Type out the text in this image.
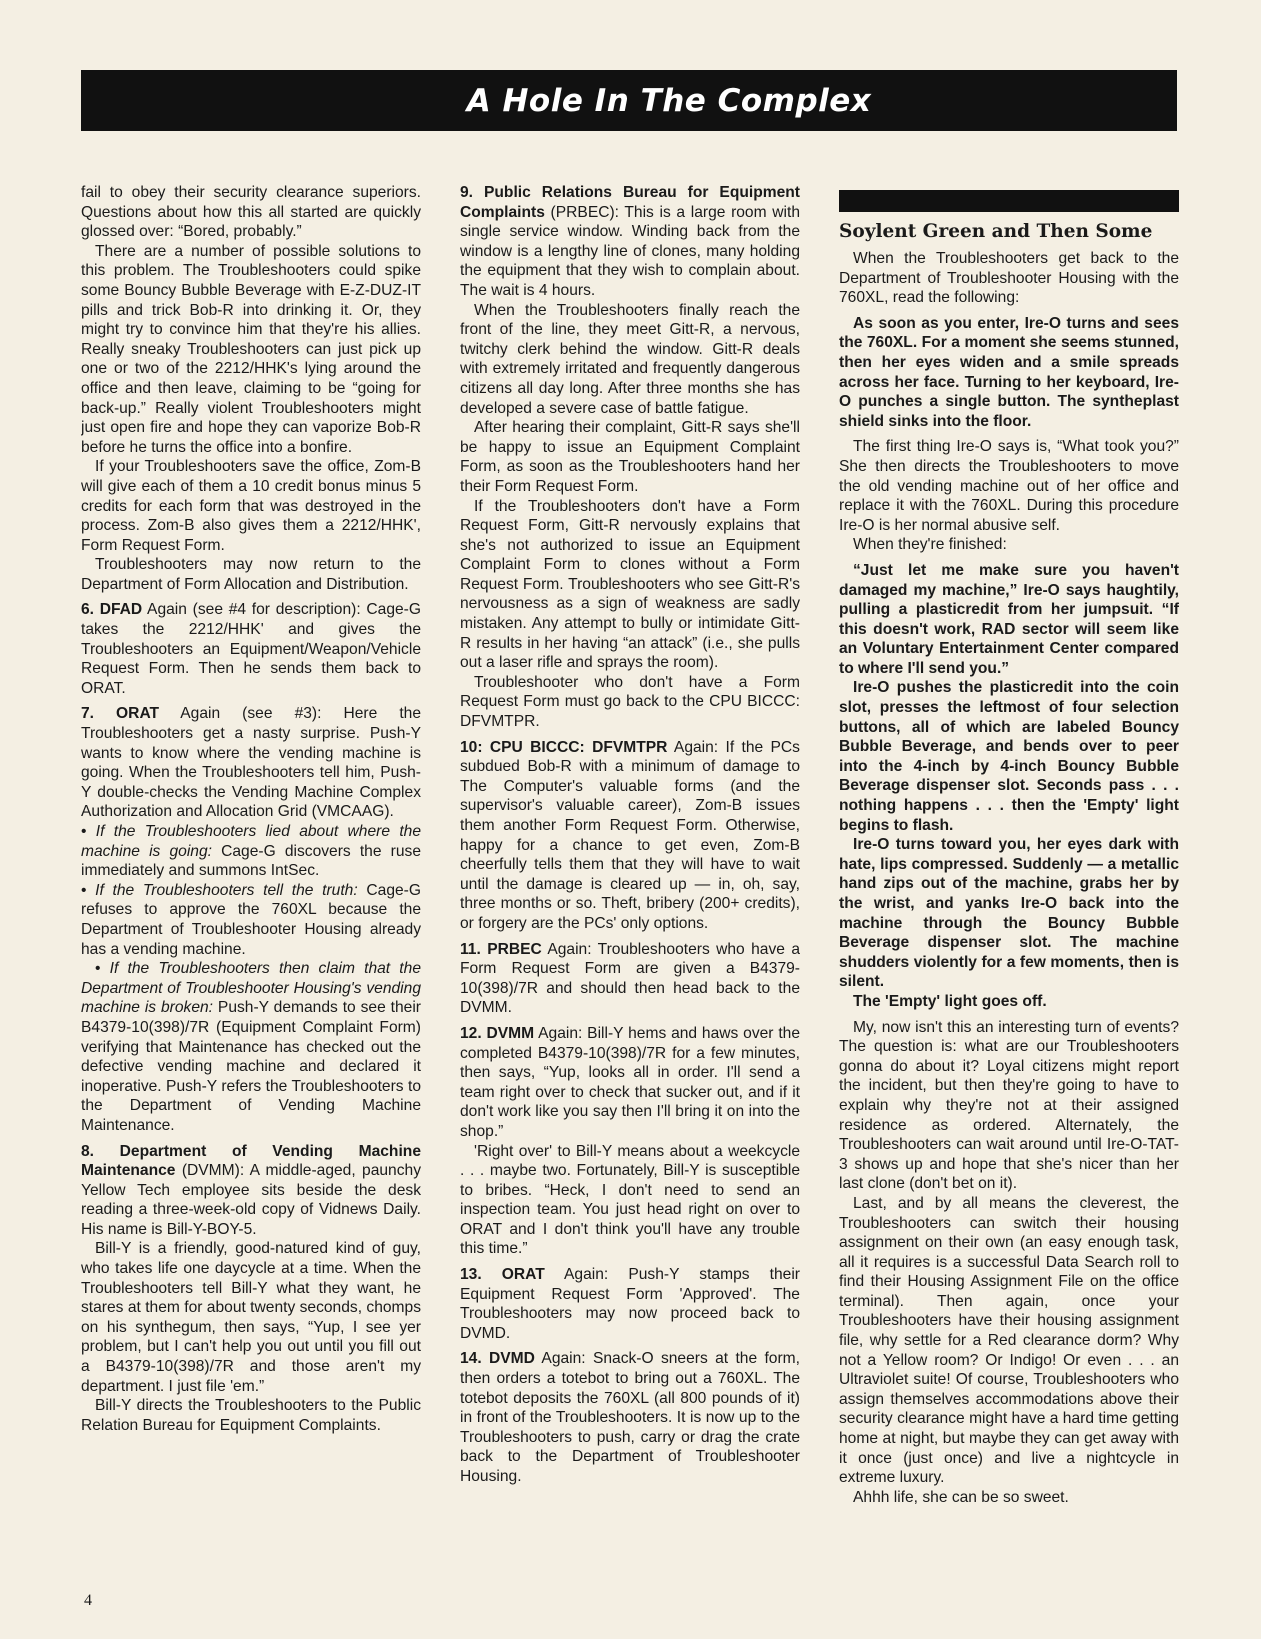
A Hole In The Complex

fail to obey their security clearance superiors. Questions about how this all started are quickly glossed over: “Bored, probably.”

There are a number of possible solutions to this problem. The Troubleshooters could spike some Bouncy Bubble Beverage with E-Z-DUZ-IT pills and trick Bob-R into drinking it. Or, they might try to convince him that they're his allies. Really sneaky Troubleshooters can just pick up one or two of the 2212/HHK's lying around the office and then leave, claiming to be “going for back-up.” Really violent Troubleshooters might just open fire and hope they can vaporize Bob-R before he turns the office into a bonfire.

If your Troubleshooters save the office, Zom-B will give each of them a 10 credit bonus minus 5 credits for each form that was destroyed in the process. Zom-B also gives them a 2212/HHK', Form Request Form.

Troubleshooters may now return to the Department of Form Allocation and Distribution.

6. DFAD Again (see #4 for description): Cage-G takes the 2212/HHK' and gives the Troubleshooters an Equipment/Weapon/Vehicle Request Form. Then he sends them back to ORAT.

7. ORAT Again (see #3): Here the Troubleshooters get a nasty surprise. Push-Y wants to know where the vending machine is going. When the Troubleshooters tell him, Push-Y double-checks the Vending Machine Complex Authorization and Allocation Grid (VMCAAG).

• If the Troubleshooters lied about where the machine is going: Cage-G discovers the ruse immediately and summons IntSec.

• If the Troubleshooters tell the truth: Cage-G refuses to approve the 760XL because the Department of Troubleshooter Housing already has a vending machine.

• If the Troubleshooters then claim that the Department of Troubleshooter Housing's vending machine is broken: Push-Y demands to see their B4379-10(398)/7R (Equipment Complaint Form) verifying that Maintenance has checked out the defective vending machine and declared it inoperative. Push-Y refers the Troubleshooters to the Department of Vending Machine Maintenance.

8. Department of Vending Machine Maintenance (DVMM): A middle-aged, paunchy Yellow Tech employee sits beside the desk reading a three-week-old copy of Vidnews Daily. His name is Bill-Y-BOY-5.

Bill-Y is a friendly, good-natured kind of guy, who takes life one daycycle at a time. When the Troubleshooters tell Bill-Y what they want, he stares at them for about twenty seconds, chomps on his synthegum, then says, “Yup, I see yer problem, but I can't help you out until you fill out a B4379-10(398)/7R and those aren't my department. I just file 'em.”

Bill-Y directs the Troubleshooters to the Public Relation Bureau for Equipment Complaints.

9. Public Relations Bureau for Equipment Complaints (PRBEC): This is a large room with single service window. Winding back from the window is a lengthy line of clones, many holding the equipment that they wish to complain about. The wait is 4 hours.

When the Troubleshooters finally reach the front of the line, they meet Gitt-R, a nervous, twitchy clerk behind the window. Gitt-R deals with extremely irritated and frequently dangerous citizens all day long. After three months she has developed a severe case of battle fatigue.

After hearing their complaint, Gitt-R says she'll be happy to issue an Equipment Complaint Form, as soon as the Troubleshooters hand her their Form Request Form.

If the Troubleshooters don't have a Form Request Form, Gitt-R nervously explains that she's not authorized to issue an Equipment Complaint Form to clones without a Form Request Form. Troubleshooters who see Gitt-R's nervousness as a sign of weakness are sadly mistaken. Any attempt to bully or intimidate Gitt-R results in her having “an attack” (i.e., she pulls out a laser rifle and sprays the room).

Troubleshooter who don't have a Form Request Form must go back to the CPU BICCC: DFVMTPR.

10: CPU BICCC: DFVMTPR Again: If the PCs subdued Bob-R with a minimum of damage to The Computer's valuable forms (and the supervisor's valuable career), Zom-B issues them another Form Request Form. Otherwise, happy for a chance to get even, Zom-B cheerfully tells them that they will have to wait until the damage is cleared up — in, oh, say, three months or so. Theft, bribery (200+ credits), or forgery are the PCs' only options.

11. PRBEC Again: Troubleshooters who have a Form Request Form are given a B4379-10(398)/7R and should then head back to the DVMM.

12. DVMM Again: Bill-Y hems and haws over the completed B4379-10(398)/7R for a few minutes, then says, “Yup, looks all in order. I'll send a team right over to check that sucker out, and if it don't work like you say then I'll bring it on into the shop.”

'Right over' to Bill-Y means about a weekcycle . . . maybe two. Fortunately, Bill-Y is susceptible to bribes. “Heck, I don't need to send an inspection team. You just head right on over to ORAT and I don't think you'll have any trouble this time.”

13. ORAT Again: Push-Y stamps their Equipment Request Form 'Approved'. The Troubleshooters may now proceed back to DVMD.

14. DVMD Again: Snack-O sneers at the form, then orders a totebot to bring out a 760XL. The totebot deposits the 760XL (all 800 pounds of it) in front of the Troubleshooters. It is now up to the Troubleshooters to push, carry or drag the crate back to the Department of Troubleshooter Housing.

Soylent Green and Then Some

When the Troubleshooters get back to the Department of Troubleshooter Housing with the 760XL, read the following:

As soon as you enter, Ire-O turns and sees the 760XL. For a moment she seems stunned, then her eyes widen and a smile spreads across her face. Turning to her keyboard, Ire-O punches a single button. The syntheplast shield sinks into the floor.

The first thing Ire-O says is, “What took you?” She then directs the Troubleshooters to move the old vending machine out of her office and replace it with the 760XL. During this procedure Ire-O is her normal abusive self.

When they're finished:

“Just let me make sure you haven't damaged my machine,” Ire-O says haughtily, pulling a plasticredit from her jumpsuit. “If this doesn't work, RAD sector will seem like an Voluntary Entertainment Center compared to where I'll send you.”

Ire-O pushes the plasticredit into the coin slot, presses the leftmost of four selection buttons, all of which are labeled Bouncy Bubble Beverage, and bends over to peer into the 4-inch by 4-inch Bouncy Bubble Beverage dispenser slot. Seconds pass . . . nothing happens . . . then the 'Empty' light begins to flash.

Ire-O turns toward you, her eyes dark with hate, lips compressed. Suddenly — a metallic hand zips out of the machine, grabs her by the wrist, and yanks Ire-O back into the machine through the Bouncy Bubble Beverage dispenser slot. The machine shudders violently for a few moments, then is silent.

The 'Empty' light goes off.

My, now isn't this an interesting turn of events? The question is: what are our Troubleshooters gonna do about it? Loyal citizens might report the incident, but then they're going to have to explain why they're not at their assigned residence as ordered. Alternately, the Troubleshooters can wait around until Ire-O-TAT-3 shows up and hope that she's nicer than her last clone (don't bet on it).

Last, and by all means the cleverest, the Troubleshooters can switch their housing assignment on their own (an easy enough task, all it requires is a successful Data Search roll to find their Housing Assignment File on the office terminal). Then again, once your Troubleshooters have their housing assignment file, why settle for a Red clearance dorm? Why not a Yellow room? Or Indigo! Or even . . . an Ultraviolet suite! Of course, Troubleshooters who assign themselves accommodations above their security clearance might have a hard time getting home at night, but maybe they can get away with it once (just once) and live a nightcycle in extreme luxury.

Ahhh life, she can be so sweet.

4
